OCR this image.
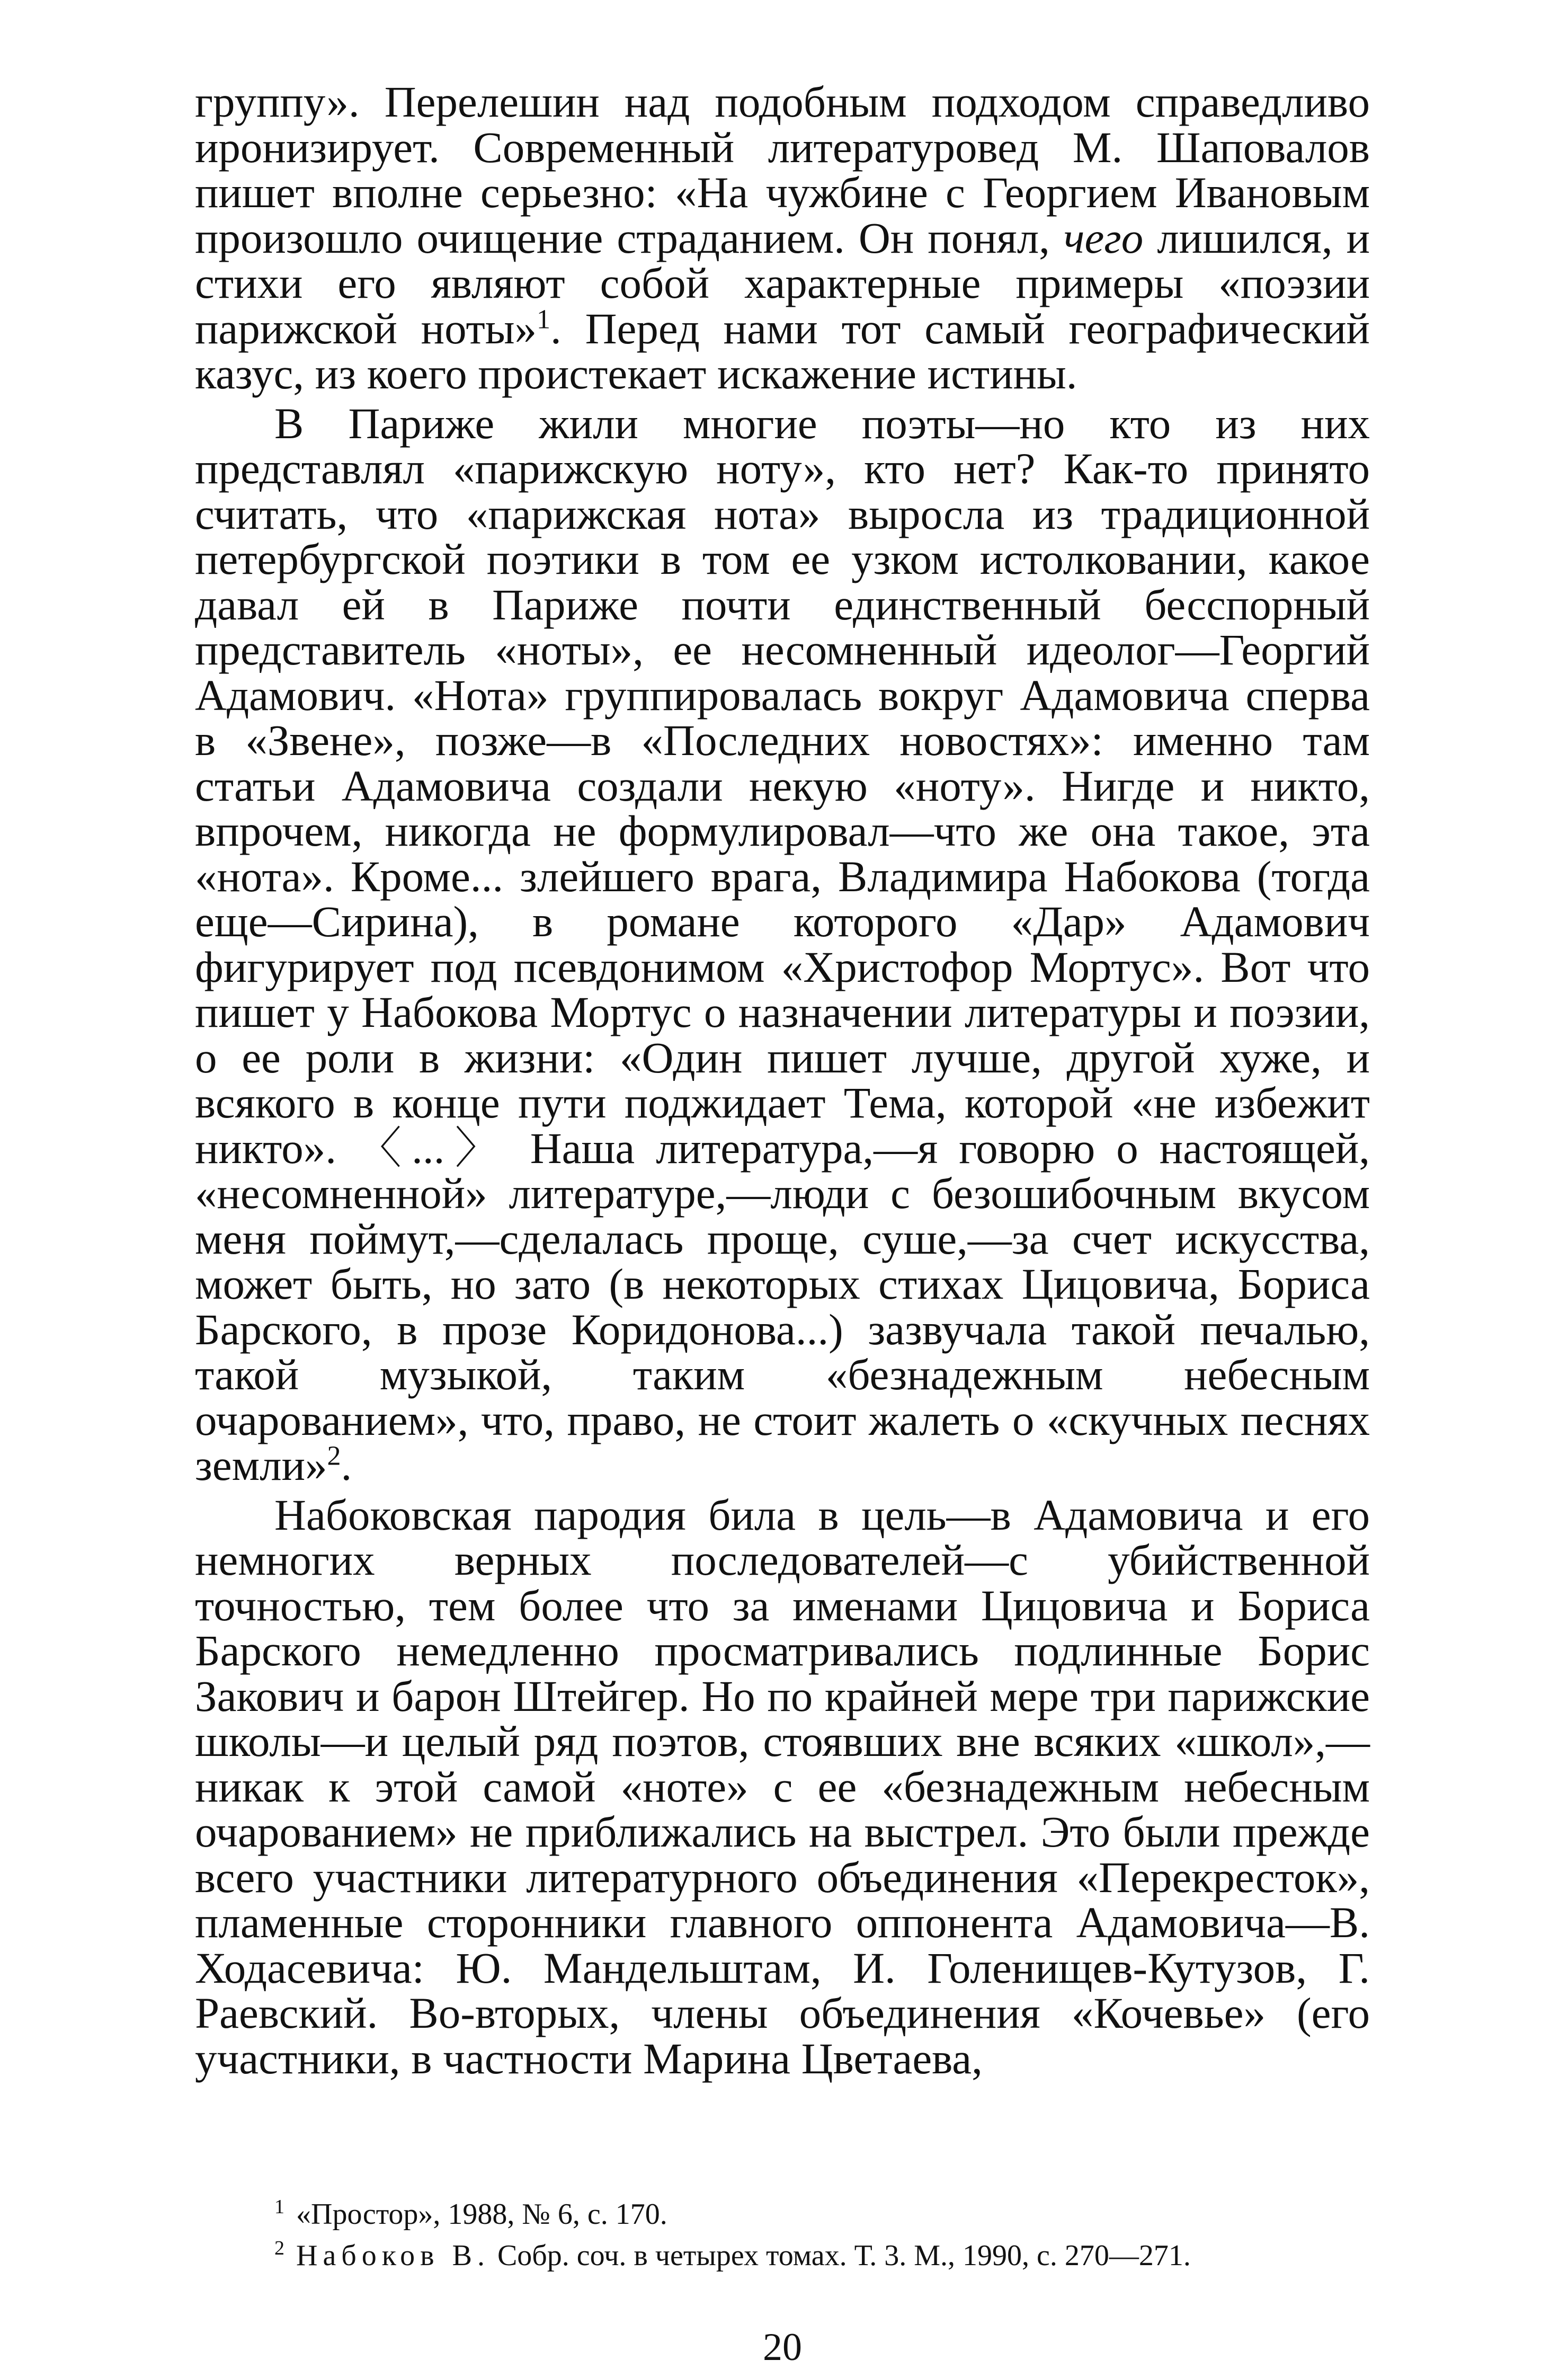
группу». Перелешин над подобным подходом справедливо иронизирует. Современный литературовед М. Шаповалов пишет вполне серьезно: «На чужбине с Георгием Ивановым произошло очищение страданием. Он понял, чего лишился, и стихи его являют собой характерные примеры «поэзии парижской ноты»$^1$. Перед нами тот самый географический казус, из коего проистекает искажение истины.

В Париже жили многие поэты—но кто из них представлял «парижскую ноту», кто нет? Как-то принято считать, что «парижская нота» выросла из традиционной петербургской поэтики в том ее узком истолковании, какое давал ей в Париже почти единственный бесспорный представитель «ноты», ее несомненный идеолог—Георгий Адамович. «Нота» группировалась вокруг Адамовича сперва в «Звене», позже—в «Последних новостях»: именно там статьи Адамовича создали некую «ноту». Нигде и никто, впрочем, никогда не формулировал—что же она такое, эта «нота». Кроме... злейшего врага, Владимира Набокова (тогда еще—Сирина), в романе которого «Дар» Адамович фигурирует под псевдонимом «Христофор Мортус». Вот что пишет у Набокова Мортус о назначении литературы и поэзии, о ее роли в жизни: «Один пишет лучше, другой хуже, и всякого в конце пути поджидает Тема, которой «не избежит никто». 〈...〉 Наша литература,—я говорю о настоящей, «несомненной» литературе,—люди с безошибочным вкусом меня поймут,—сделалась проще, суше,—за счет искусства, может быть, но зато (в некоторых стихах Цицовича, Бориса Барского, в прозе Коридонова...) зазвучала такой печалью, такой музыкой, таким «безнадежным небесным очарованием», что, право, не стоит жалеть о «скучных песнях земли»$^2$.

Набоковская пародия била в цель—в Адамовича и его немногих верных последователей—с убийственной точностью, тем более что за именами Цицовича и Бориса Барского немедленно просматривались подлинные Борис Закович и барон Штейгер. Но по крайней мере три парижские школы—и целый ряд поэтов, стоявших вне всяких «школ»,—никак к этой самой «ноте» с ее «безнадежным небесным очарованием» не приближались на выстрел. Это были прежде всего участники литературного объединения «Перекресток», пламенные сторонники главного оппонента Адамовича—В. Ходасевича: Ю. Мандельштам, И. Голенищев-Кутузов, Г. Раевский. Во-вторых, члены объединения «Кочевье» (его участники, в частности Марина Цветаева,

$^1$ «Простор», 1988, № 6, с. 170.

$^2$ Набоков В. Собр. соч. в четырех томах. Т. 3. М., 1990, с. 270—271.

20
